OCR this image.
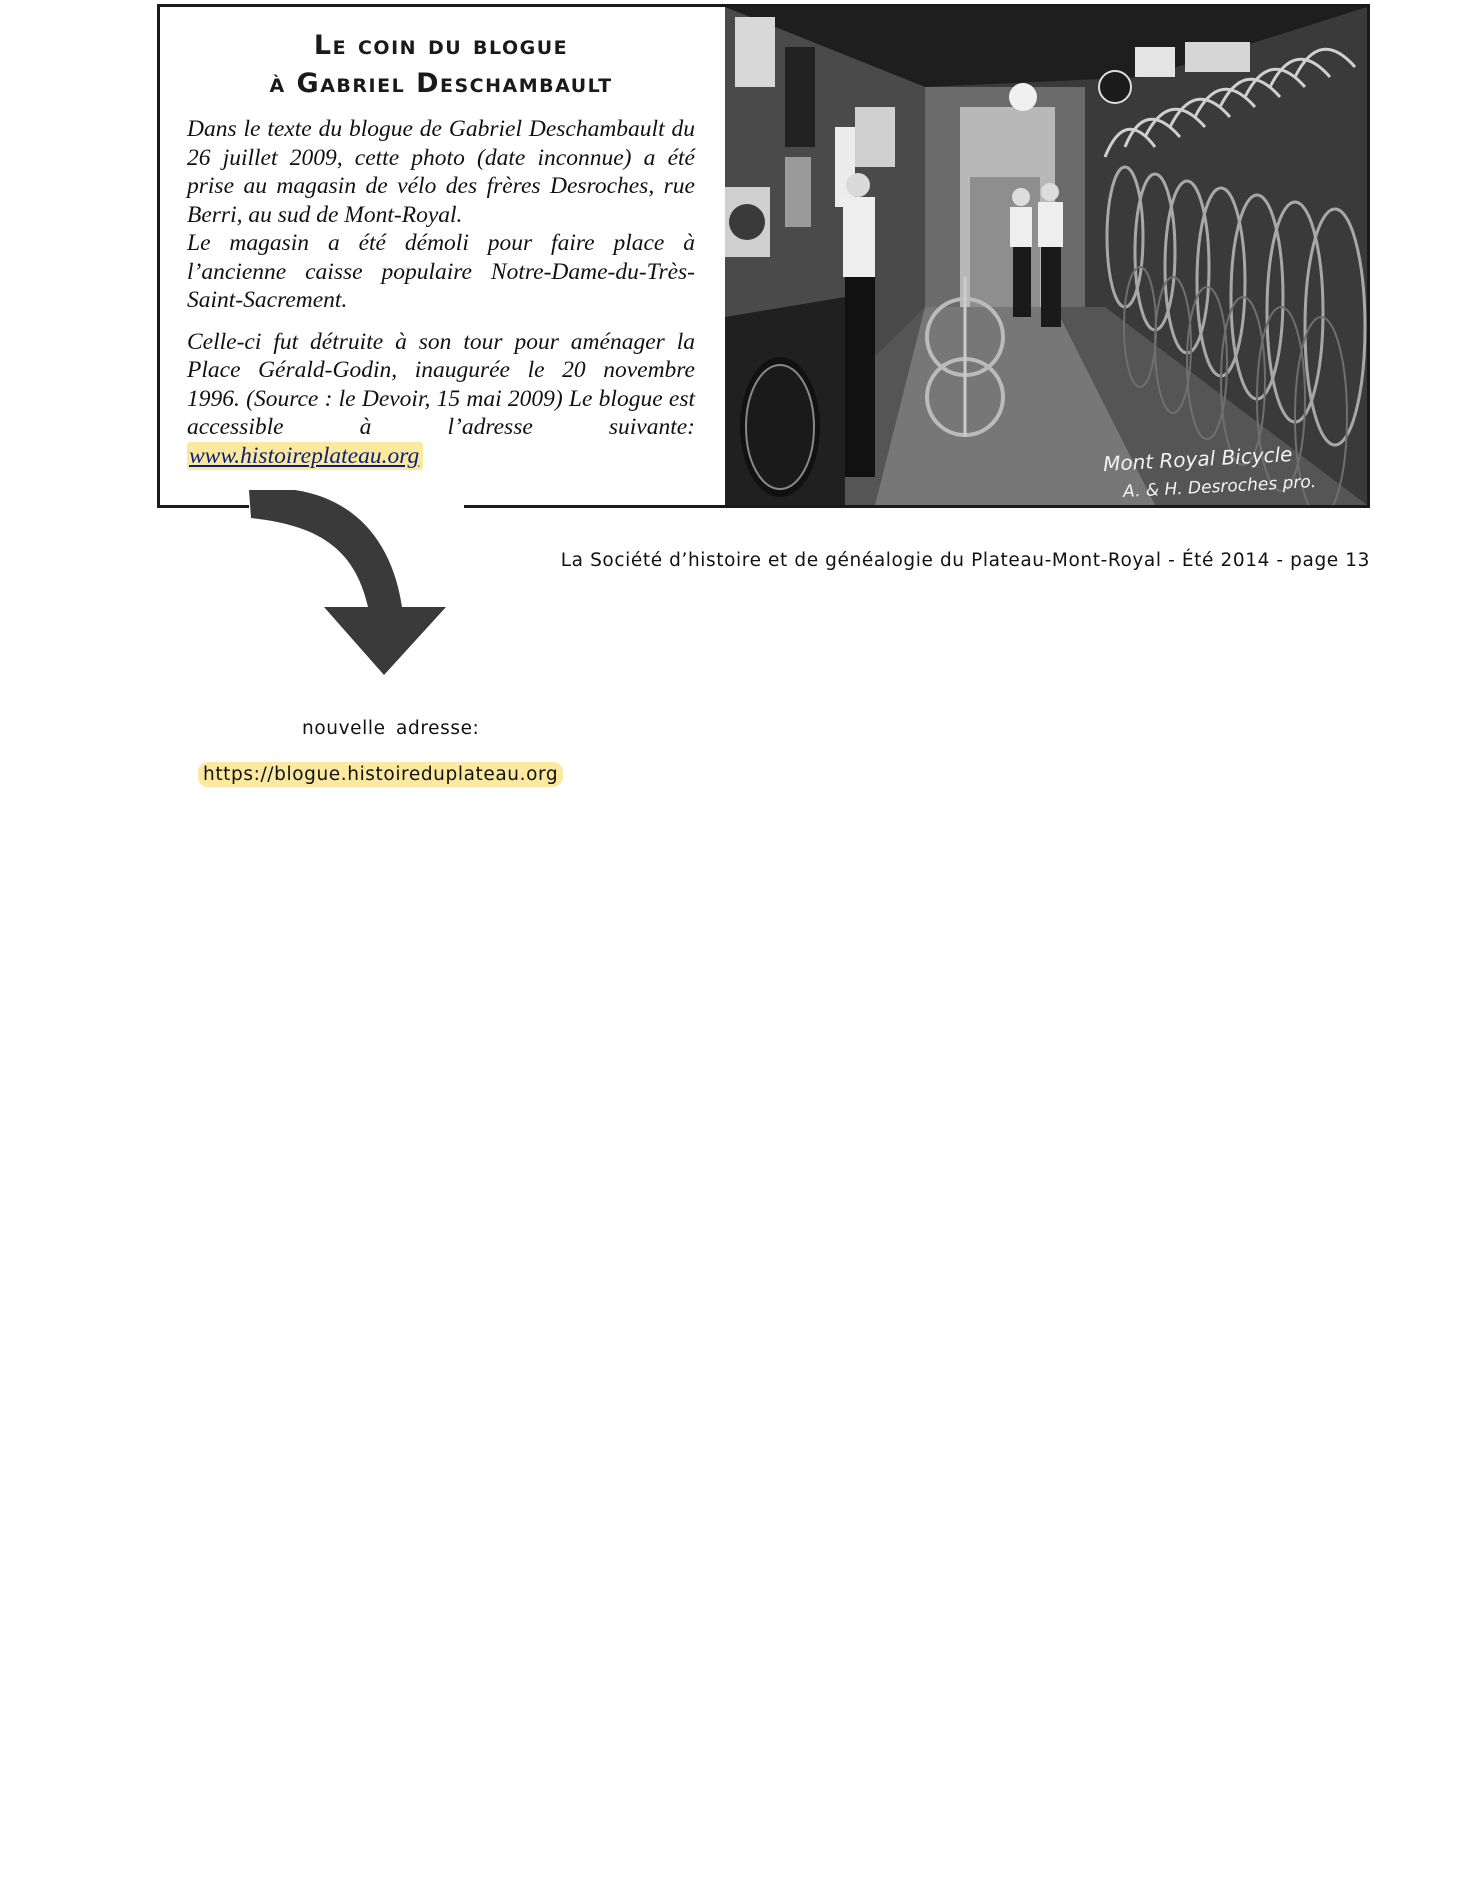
Le coin du blogue
à Gabriel Deschambault

Dans le texte du blogue de Gabriel Deschambault du 26 juillet 2009, cette photo (date inconnue) a été prise au magasin de vélo des frères Desroches, rue Berri, au sud de Mont-Royal.

Le magasin a été démoli pour faire place à l’ancienne caisse populaire Notre-Dame-du-Très-Saint-Sacrement.

Celle-ci fut détruite à son tour pour aménager la Place Gérald-Godin, inaugurée le 20 novembre 1996. (Source : le Devoir, 15 mai 2009) Le blogue est accessible à l’adresse suivante: www.histoireplateau.org	Mont Royal Bicycle
A. & H. Desroches pro.
La Société d’histoire et de généalogie du Plateau-Mont-Royal - Été 2014 - page 13
nouvelle adresse:
https://blogue.histoireduplateau.org
